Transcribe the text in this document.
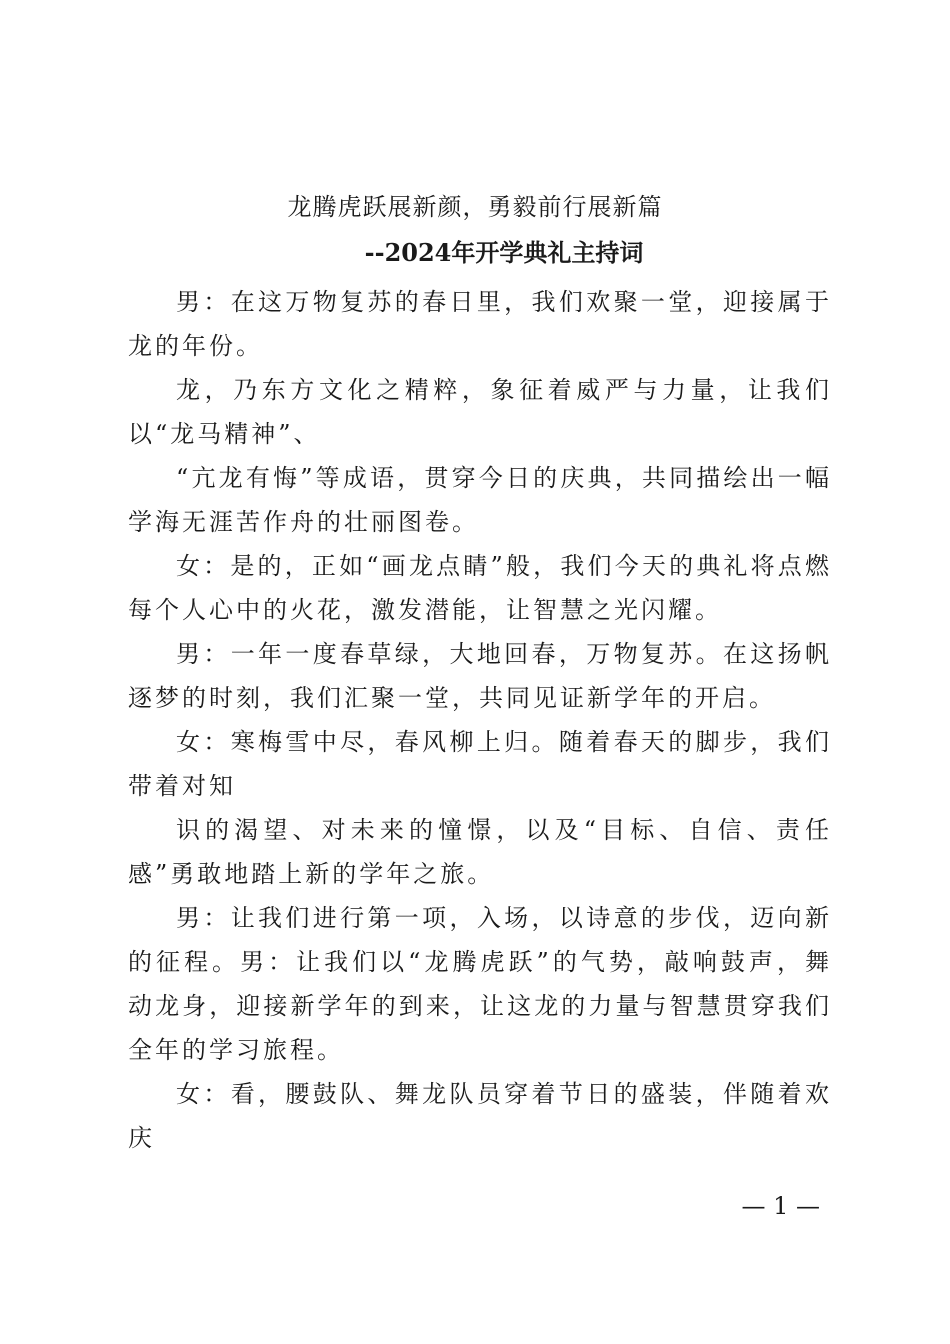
龙腾虎跃展新颜，勇毅前行展新篇
--2024年开学典礼主持词

男：在这万物复苏的春日里，我们欢聚一堂，迎接属于龙的年份。

龙，乃东方文化之精粹，象征着威严与力量，让我们以“龙马精神”、

“亢龙有悔”等成语，贯穿今日的庆典，共同描绘出一幅学海无涯苦作舟的壮丽图卷。

女：是的，正如“画龙点睛”般，我们今天的典礼将点燃每个人心中的火花，激发潜能，让智慧之光闪耀。

男：一年一度春草绿，大地回春，万物复苏。在这扬帆逐梦的时刻，我们汇聚一堂，共同见证新学年的开启。

女：寒梅雪中尽，春风柳上归。随着春天的脚步，我们带着对知

识的渴望、对未来的憧憬，以及“目标、自信、责任感”勇敢地踏上新的学年之旅。

男：让我们进行第一项，入场，以诗意的步伐，迈向新的征程。男：让我们以“龙腾虎跃”的气势，敲响鼓声，舞动龙身，迎接新学年的到来，让这龙的力量与智慧贯穿我们全年的学习旅程。

女：看，腰鼓队、舞龙队员穿着节日的盛装，伴随着欢庆

— 1 —
